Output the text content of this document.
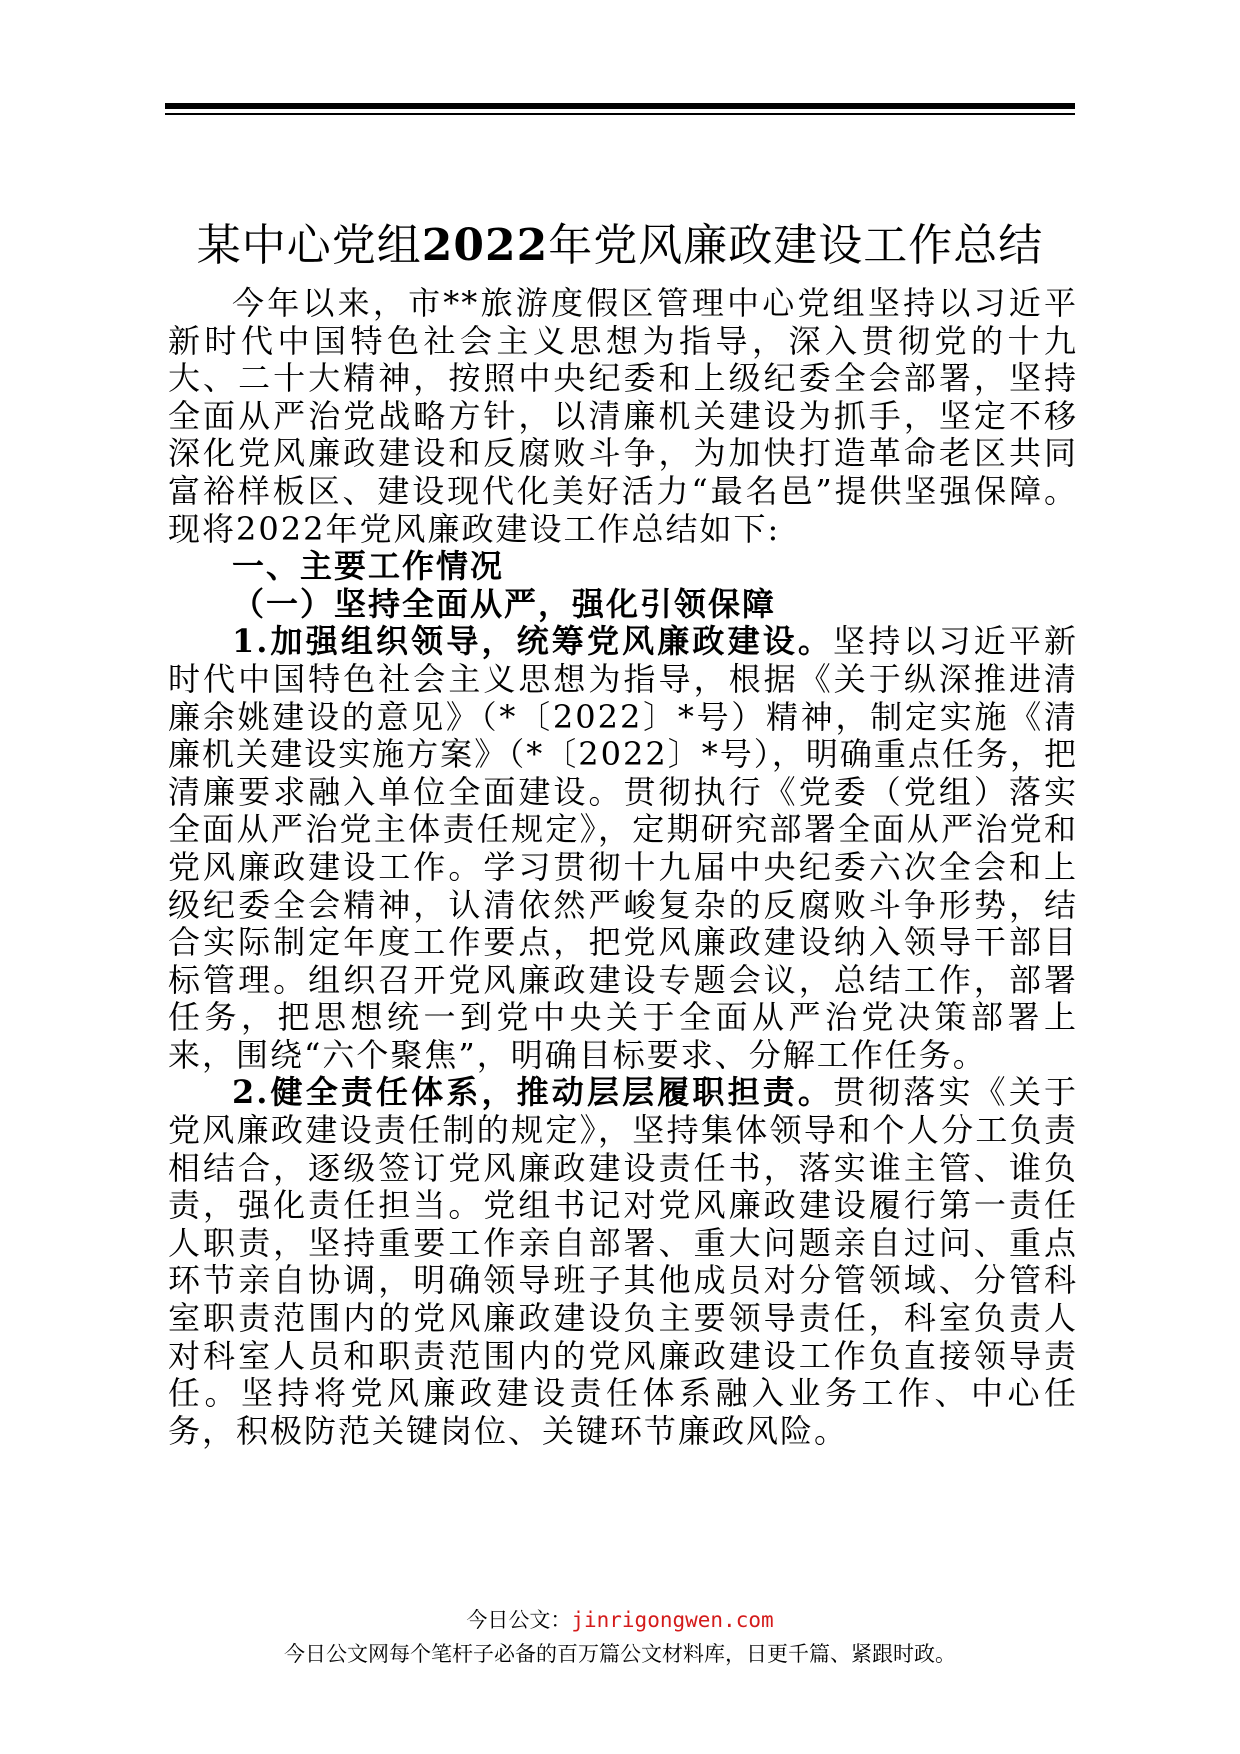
某中心党组2022年党风廉政建设工作总结

今年以来，市**旅游度假区管理中心党组坚持以习近平新时代中国特色社会主义思想为指导，深入贯彻党的十九大、二十大精神，按照中央纪委和上级纪委全会部署，坚持全面从严治党战略方针，以清廉机关建设为抓手，坚定不移深化党风廉政建设和反腐败斗争，为加快打造革命老区共同富裕样板区、建设现代化美好活力“最名邑”提供坚强保障。现将2022年党风廉政建设工作总结如下:

一、主要工作情况

（一）坚持全面从严，强化引领保障

1.加强组织领导，统筹党风廉政建设。坚持以习近平新时代中国特色社会主义思想为指导，根据《关于纵深推进清廉余姚建设的意见》（*〔2022〕*号）精神，制定实施《清廉机关建设实施方案》（*〔2022〕*号），明确重点任务，把清廉要求融入单位全面建设。贯彻执行《党委（党组）落实全面从严治党主体责任规定》，定期研究部署全面从严治党和党风廉政建设工作。学习贯彻十九届中央纪委六次全会和上级纪委全会精神，认清依然严峻复杂的反腐败斗争形势，结合实际制定年度工作要点，把党风廉政建设纳入领导干部目标管理。组织召开党风廉政建设专题会议，总结工作，部署任务，把思想统一到党中央关于全面从严治党决策部署上来，围绕“六个聚焦”，明确目标要求、分解工作任务。

2.健全责任体系，推动层层履职担责。贯彻落实《关于党风廉政建设责任制的规定》，坚持集体领导和个人分工负责相结合，逐级签订党风廉政建设责任书，落实谁主管、谁负责，强化责任担当。党组书记对党风廉政建设履行第一责任人职责，坚持重要工作亲自部署、重大问题亲自过问、重点环节亲自协调，明确领导班子其他成员对分管领域、分管科室职责范围内的党风廉政建设负主要领导责任，科室负责人对科室人员和职责范围内的党风廉政建设工作负直接领导责任。坚持将党风廉政建设责任体系融入业务工作、中心任务，积极防范关键岗位、关键环节廉政风险。

今日公文：jinrigongwen.com
今日公文网每个笔杆子必备的百万篇公文材料库，日更千篇、紧跟时政。
